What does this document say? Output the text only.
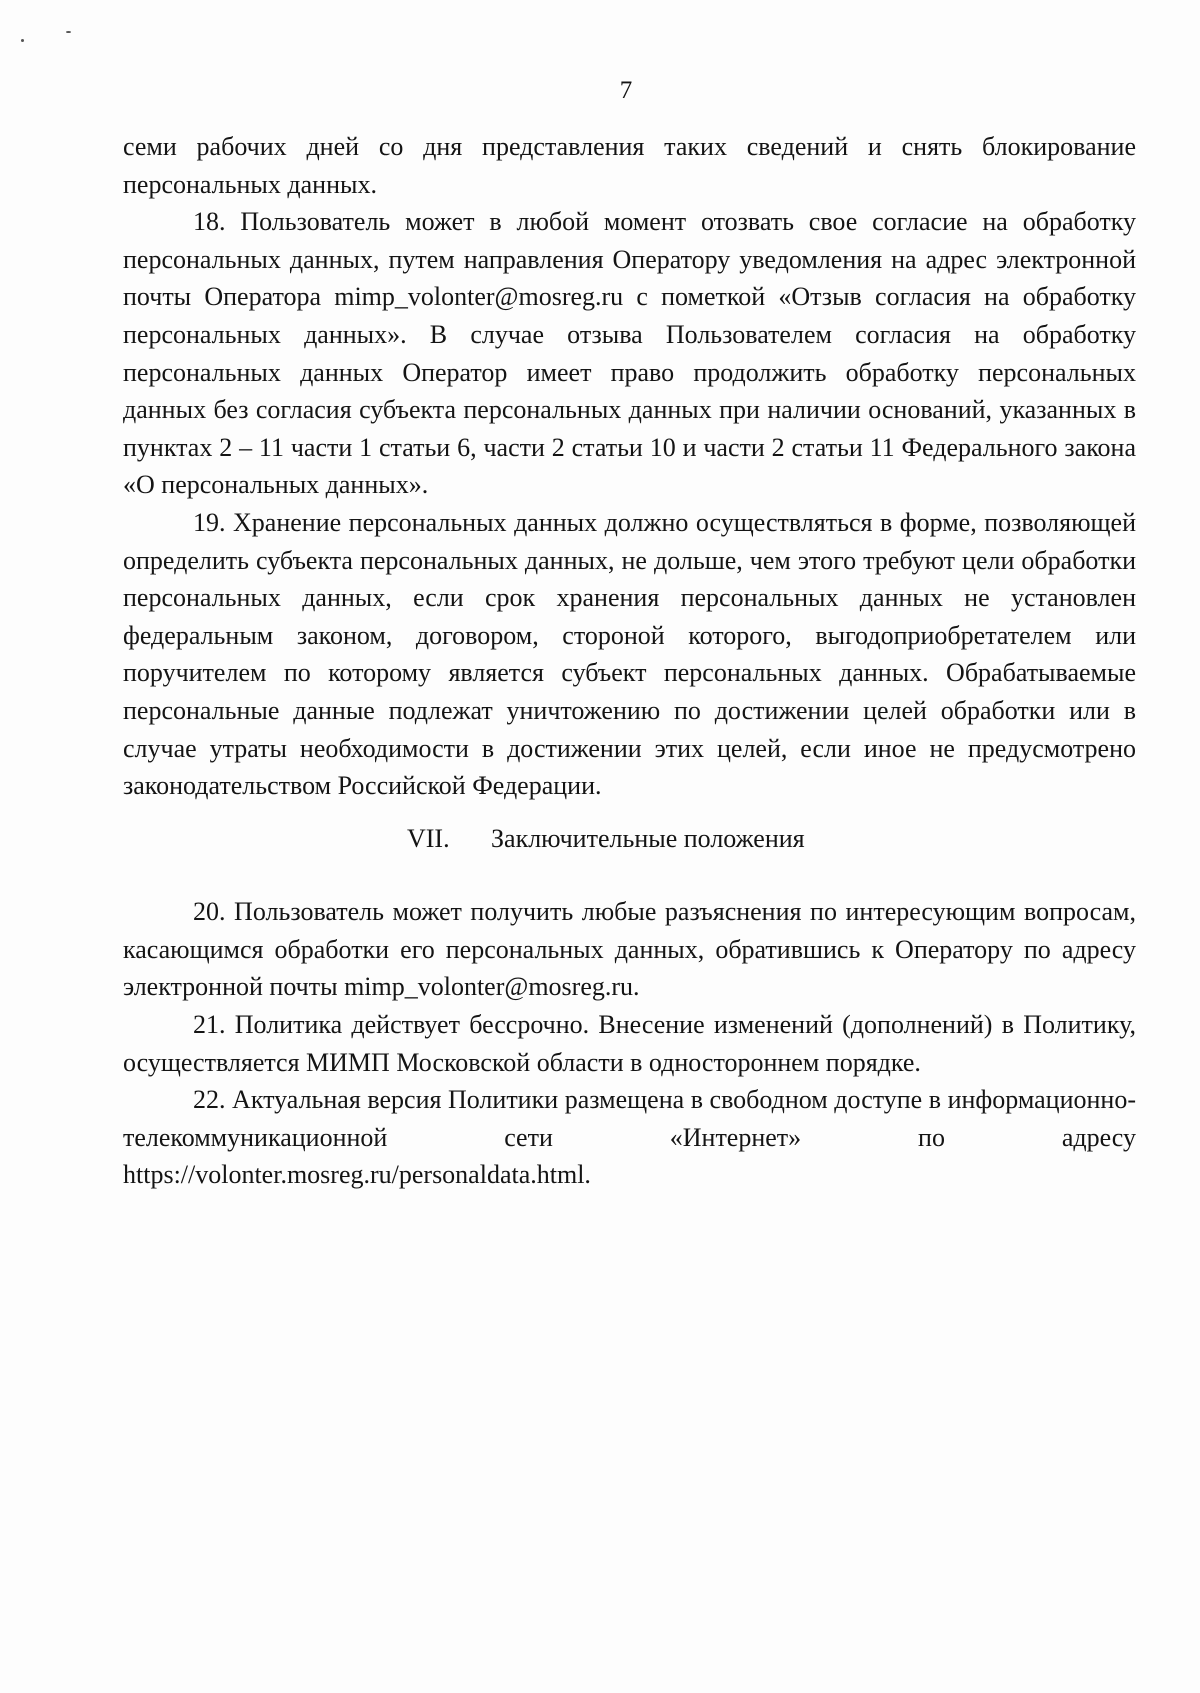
7

семи рабочих дней со дня представления таких сведений и снять блокирование персональных данных.

18. Пользователь может в любой момент отозвать свое согласие на обработку персональных данных, путем направления Оператору уведомления на адрес электронной почты Оператора mimp_volonter@mosreg.ru с пометкой «Отзыв согласия на обработку персональных данных». В случае отзыва Пользователем согласия на обработку персональных данных Оператор имеет право продолжить обработку персональных данных без согласия субъекта персональных данных при наличии оснований, указанных в пунктах 2 – 11 части 1 статьи 6, части 2 статьи 10 и части 2 статьи 11 Федерального закона «О персональных данных».

19. Хранение персональных данных должно осуществляться в форме, позволяющей определить субъекта персональных данных, не дольше, чем этого требуют цели обработки персональных данных, если срок хранения персональных данных не установлен федеральным законом, договором, стороной которого, выгодоприобретателем или поручителем по которому является субъект персональных данных. Обрабатываемые персональные данные подлежат уничтожению по достижении целей обработки или в случае утраты необходимости в достижении этих целей, если иное не предусмотрено законодательством Российской Федерации.

VII. Заключительные положения

20. Пользователь может получить любые разъяснения по интересующим вопросам, касающимся обработки его персональных данных, обратившись к Оператору по адресу электронной почты mimp_volonter@mosreg.ru.

21. Политика действует бессрочно. Внесение изменений (дополнений) в Политику, осуществляется МИМП Московской области в одностороннем порядке.

22. Актуальная версия Политики размещена в свободном доступе в информационно-телекоммуникационной сети «Интернет» по адресу https://volonter.mosreg.ru/personaldata.html.
